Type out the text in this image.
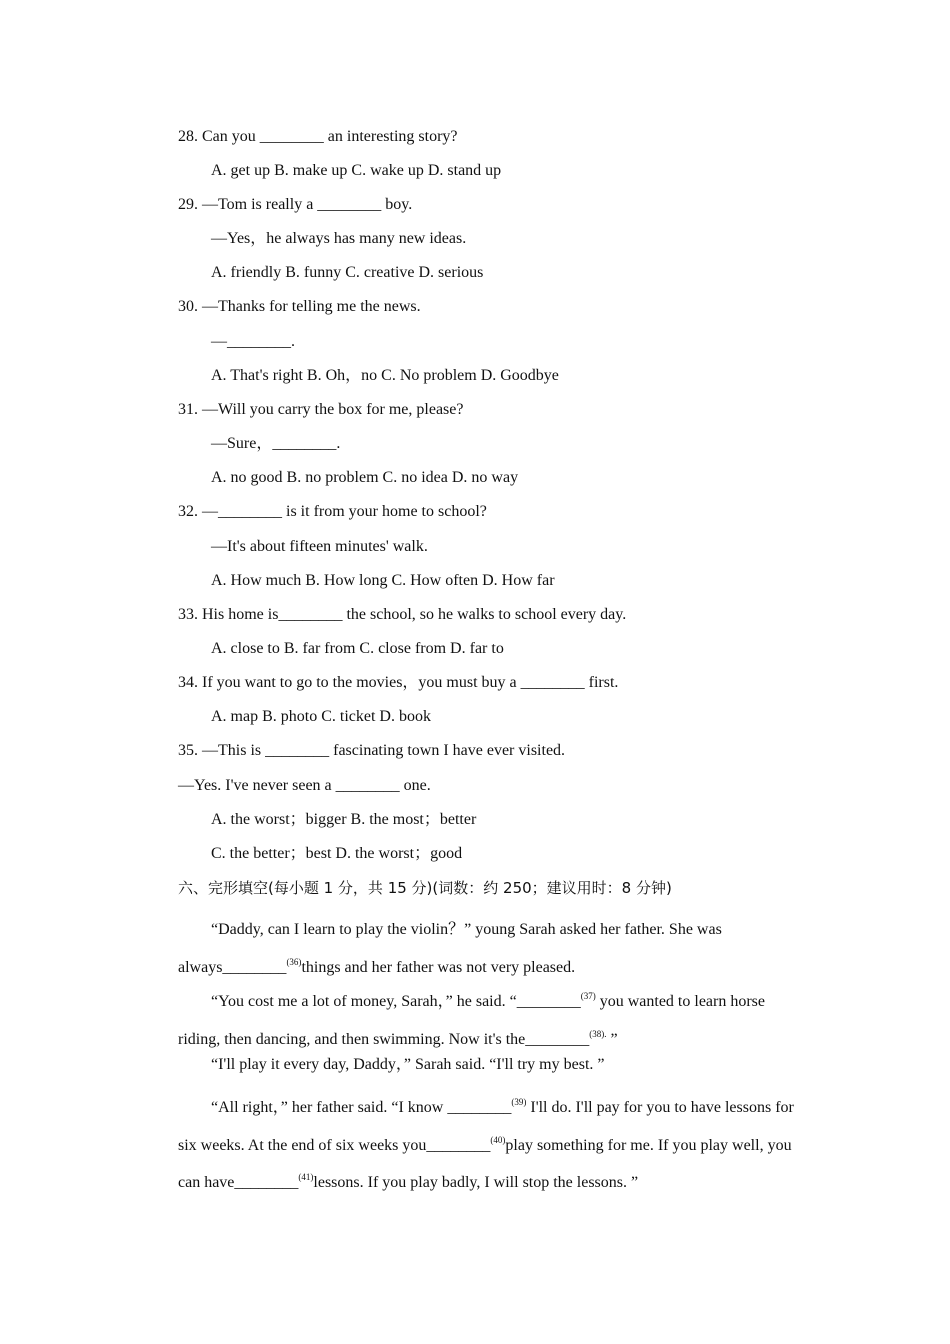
28. Can you ________ an interesting story?
A. get up B. make up C. wake up D. stand up
29. —Tom is really a ________ boy.
—Yes，he always has many new ideas.
A. friendly B. funny C. creative D. serious
30. —Thanks for telling me the news.
—________.
A. That's right B. Oh，no C. No problem D. Goodbye
31. —Will you carry the box for me, please?
—Sure，________.
A. no good B. no problem C. no idea D. no way
32. —________ is it from your home to school?
—It's about fifteen minutes' walk.
A. How much B. How long C. How often D. How far
33. His home is________ the school, so he walks to school every day.
A. close to B. far from C. close from D. far to
34. If you want to go to the movies，you must buy a ________ first.
A. map B. photo C. ticket D. book
35. —This is ________ fascinating town I have ever visited.
—Yes. I've never seen a ________ one.
A. the worst；bigger B. the most；better
C. the better；best D. the worst；good
六、完形填空(每小题 1 分，共 15 分)(词数：约 250；建议用时：8 分钟)
“Daddy, can I learn to play the violin？” young Sarah asked her father. She was always________$^{(36)}$things and her father was not very pleased.
“You cost me a lot of money, Sarah，” he said. “________$^{(37)}$ you wanted to learn horse riding, then dancing, and then swimming. Now it's the________$^{(38).}$ ”
“I'll play it every day, Daddy，” Sarah said. “I'll try my best. ”
“All right，” her father said. “I know ________$^{(39)}$ I'll do. I'll pay for you to have lessons for six weeks. At the end of six weeks you________$^{(40)}$play something for me. If you play well, you can have________$^{(41)}$lessons. If you play badly, I will stop the lessons. ”
